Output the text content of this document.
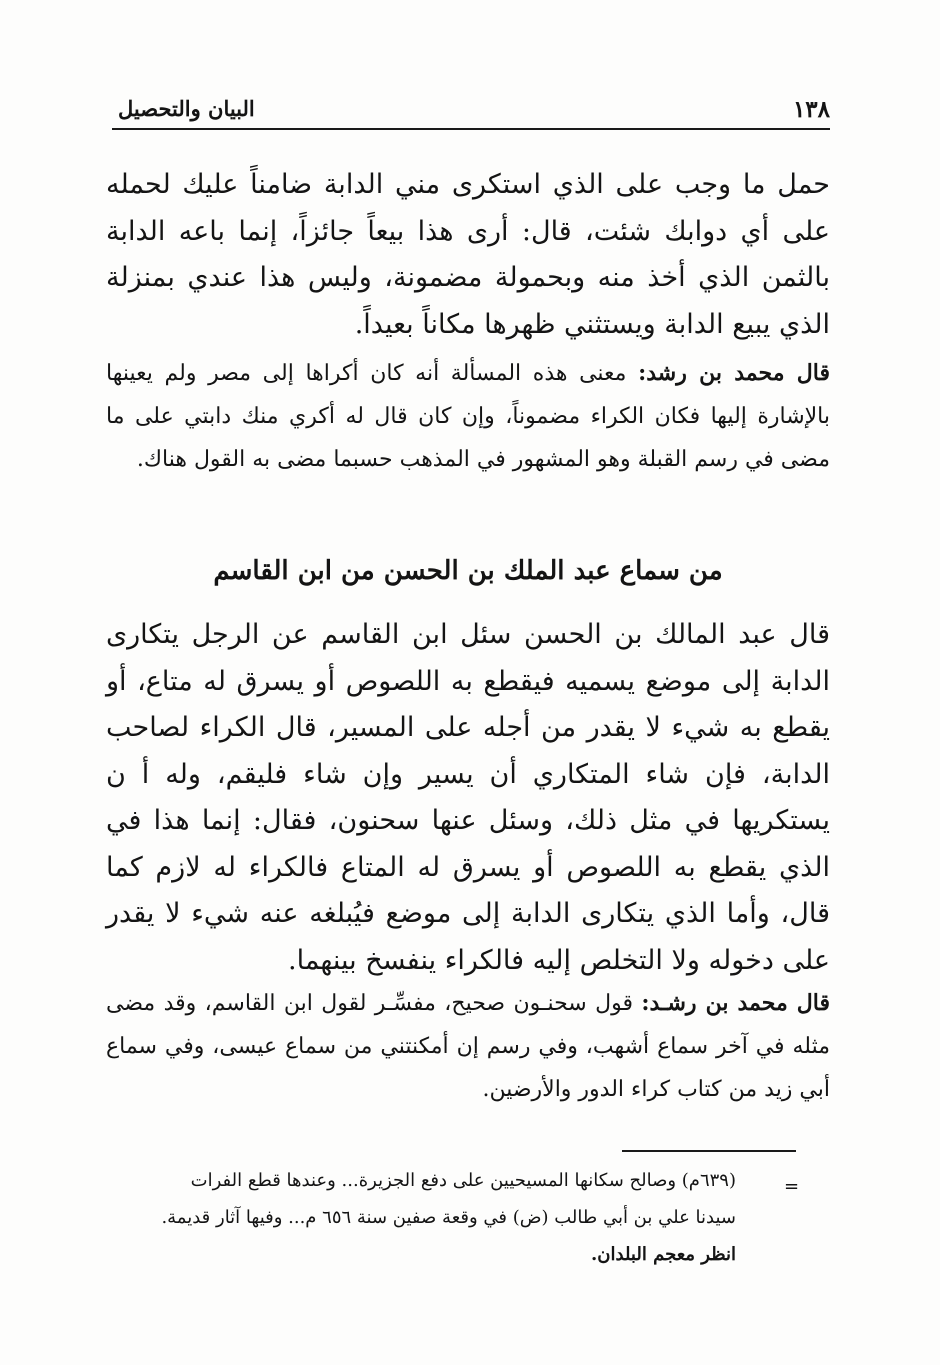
١٣٨
البيان والتحصيل

حمل ما وجب على الذي استكرى مني الدابة ضامناً عليك لحمله على أي دوابك شئت، قال: أرى هذا بيعاً جائزاً، إنما باعه الدابة بالثمن الذي أخذ منه وبحمولة مضمونة، وليس هذا عندي بمنزلة الذي يبيع الدابة ويستثني ظهرها مكاناً بعيداً.

قال محمد بن رشد: معنى هذه المسألة أنه كان أكراها إلى مصر ولم يعينها بالإشارة إليها فكان الكراء مضموناً، وإن كان قال له أكري منك دابتي على ما مضى في رسم القبلة وهو المشهور في المذهب حسبما مضى به القول هناك.

من سماع عبد الملك بن الحسن من ابن القاسم

قال عبد المالك بن الحسن سئل ابن القاسم عن الرجل يتكارى الدابة إلى موضع يسميه فيقطع به اللصوص أو يسرق له متاع، أو يقطع به شيء لا يقدر من أجله على المسير، قال الكراء لصاحب الدابة، فإن شاء المتكاري أن يسير وإن شاء فليقم، وله أ ن يستكريها في مثل ذلك، وسئل عنها سحنون، فقال: إنما هذا في الذي يقطع به اللصوص أو يسرق له المتاع فالكراء له لازم كما قال، وأما الذي يتكارى الدابة إلى موضع فيُبلغه عنه شيء لا يقدر على دخوله ولا التخلص إليه فالكراء ينفسخ بينهما.

قال محمد بن رشـد: قول سحنـون صحيح، مفسِّـر لقول ابن القاسم، وقد مضى مثله في آخر سماع أشهب، وفي رسم إن أمكنتني من سماع عيسى، وفي سماع أبي زيد من كتاب كراء الدور والأرضين.

=

(٦٣٩م) وصالح سكانها المسيحيين على دفع الجزيرة... وعندها قطع الفرات
سيدنا علي بن أبي طالب (ض) في وقعة صفين سنة ٦٥٦ م... وفيها آثار قديمة.
انظر معجم البلدان.
